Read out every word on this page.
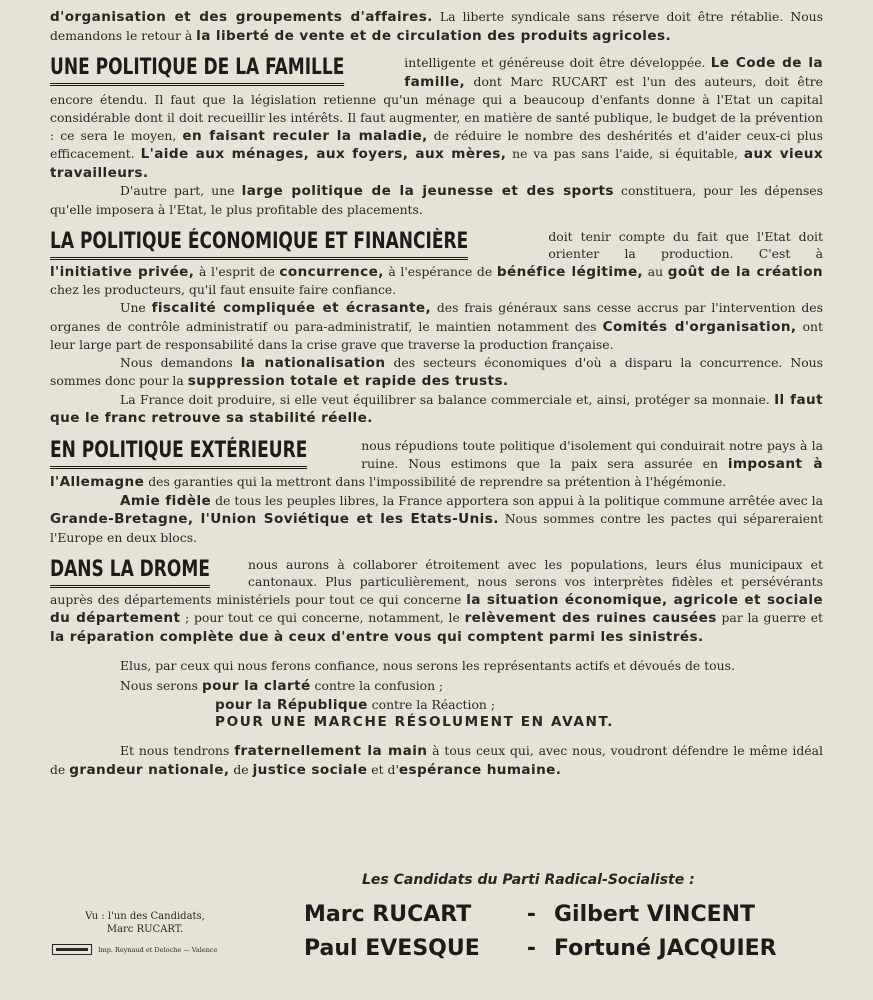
d'organisation et des groupements d'affaires. La liberte syndicale sans réserve doit être rétablie. Nous demandons le retour à la liberté de vente et de circulation des produits agricoles.

UNE POLITIQUE DE LA FAMILLE	intelligente et généreuse doit être développée. Le Code de la famille, dont Marc RUCART est l'un des auteurs, doit être encore étendu. Il faut que la législation retienne qu'un ménage qui a beaucoup d'enfants donne à l'Etat un capital considérable dont il doit recueillir les intérêts. Il faut augmenter, en matière de santé publique, le budget de la prévention : ce sera le moyen, en faisant reculer la maladie, de réduire le nombre des deshérités et d'aider ceux-ci plus efficacement. L'aide aux ménages, aux foyers, aux mères, ne va pas sans l'aide, si équitable, aux vieux travailleurs.

D'autre part, une large politique de la jeunesse et des sports constituera, pour les dépenses qu'elle imposera à l'Etat, le plus profitable des placements.

LA POLITIQUE ÉCONOMIQUE ET FINANCIÈRE	doit tenir compte du fait que l'Etat doit orienter la production. C'est à l'initiative privée, à l'esprit de concurrence, à l'espérance de bénéfice légitime, au goût de la création chez les producteurs, qu'il faut ensuite faire confiance.

Une fiscalité compliquée et écrasante, des frais généraux sans cesse accrus par l'intervention des organes de contrôle administratif ou para-administratif, le maintien notamment des Comités d'organisation, ont leur large part de responsabilité dans la crise grave que traverse la production française.

Nous demandons la nationalisation des secteurs économiques d'où a disparu la concurrence. Nous sommes donc pour la suppression totale et rapide des trusts.

La France doit produire, si elle veut équilibrer sa balance commerciale et, ainsi, protéger sa monnaie. Il faut que le franc retrouve sa stabilité réelle.

EN POLITIQUE EXTÉRIEURE	nous répudions toute politique d'isolement qui conduirait notre pays à la ruine. Nous estimons que la paix sera assurée en imposant à l'Allemagne des garanties qui la mettront dans l'impossibilité de reprendre sa prétention à l'hégémonie.

Amie fidèle de tous les peuples libres, la France apportera son appui à la politique commune arrêtée avec la Grande-Bretagne, l'Union Soviétique et les Etats-Unis. Nous sommes contre les pactes qui sépareraient l'Europe en deux blocs.

DANS LA DROME	nous aurons à collaborer étroitement avec les populations, leurs élus municipaux et cantonaux. Plus particulièrement, nous serons vos interprètes fidèles et persévérants auprès des départements ministériels pour tout ce qui concerne la situation économique, agricole et sociale du département ; pour tout ce qui concerne, notamment, le relèvement des ruines causées par la guerre et la réparation complète due à ceux d'entre vous qui comptent parmi les sinistrés.

Elus, par ceux qui nous ferons confiance, nous serons les représentants actifs et dévoués de tous.

Nous serons pour la clarté contre la confusion ;

pour la République contre la Réaction ;

POUR UNE MARCHE RÉSOLUMENT EN AVANT.

Et nous tendrons fraternellement la main à tous ceux qui, avec nous, voudront défendre le même idéal de grandeur nationale, de justice sociale et d'espérance humaine.

Les Candidats du Parti Radical-Socialiste :
Marc RUCART	- Gilbert VINCENT
Paul EVESQUE	- Fortuné JACQUIER
Vu : l'un des Candidats,
Marc RUCART.
Imp. Reynaud et Deloche — Valence
